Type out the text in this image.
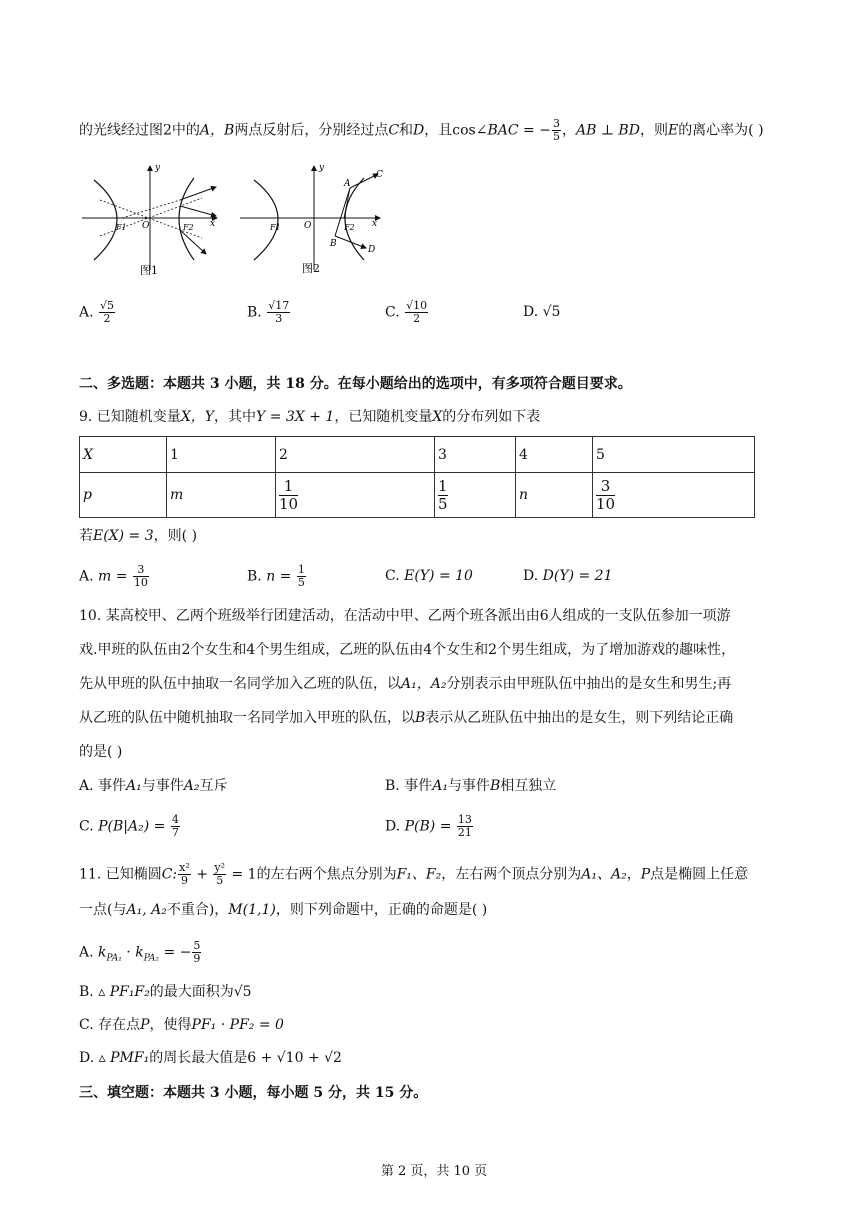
的光线经过图2中的A，B两点反射后，分别经过点C和D，且cos∠BAC = − $\frac{3}{5}$ ，AB ⊥ BD，则E的离心率为( )
y
x
O
F1	F2
图1
y
x
O
F1	F2
A
B
C
D
图2
A. $\frac{√5}{2}$	B. $\frac{√17}{3}$	C. $\frac{√10}{2}$	D. √5
二、多选题：本题共 3 小题，共 18 分。在每小题给出的选项中，有多项符合题目要求。
9. 已知随机变量X，Y，其中Y = 3X + 1，已知随机变量X的分布列如下表
X	1	2	3	4	5
p	m	$\frac{1}{10}$	$\frac{1}{5}$	n	$\frac{3}{10}$
若E(X) = 3，则( )
A. $m = \frac{3}{10}$	B. $n = \frac{1}{5}$	C. E(Y) = 10	D. D(Y) = 21
10. 某高校甲、乙两个班级举行团建活动，在活动中甲、乙两个班各派出由6人组成的一支队伍参加一项游
戏.甲班的队伍由2个女生和4个男生组成，乙班的队伍由4个女生和2个男生组成，为了增加游戏的趣味性，
先从甲班的队伍中抽取一名同学加入乙班的队伍，以A₁，A₂分别表示由甲班队伍中抽出的是女生和男生;再
从乙班的队伍中随机抽取一名同学加入甲班的队伍，以B表示从乙班队伍中抽出的是女生，则下列结论正确
的是( )
A. 事件A₁与事件A₂互斥	B. 事件A₁与事件B相互独立
C. $P(B|A_2) = \frac{4}{7}$	D. $P(B) = \frac{13}{21}$
11. 已知椭圆C: $\frac{\text{x²}}{9} + \frac{\text{y²}}{5} = 1$的左右两个焦点分别为F₁、F₂，左右两个顶点分别为A₁、A₂，P点是椭圆上任意
一点(与A₁, A₂不重合)，M(1,1)，则下列命题中，正确的命题是( )
A. $k_{PA_1} \cdot k_{PA_2}$ = − $\frac{5}{9}$
B. ▵ PF₁F₂的最大面积为√5
C. 存在点P，使得PF₁ · PF₂ = 0
D. ▵ PMF₁的周长最大值是6 + √10 + √2
三、填空题：本题共 3 小题，每小题 5 分，共 15 分。
第 2 页，共 10 页
